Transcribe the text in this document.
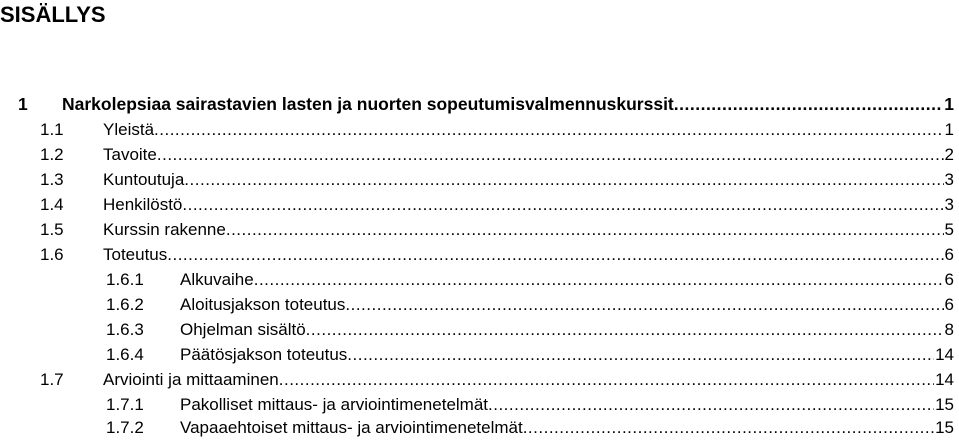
SISÄLLYS
1 Narkolepsiaa sairastavien lasten ja nuorten sopeutumisvalmennuskurssit .....	1
1.1 Yleistä .....	1
1.2 Tavoite .....	2
1.3 Kuntoutuja .....	3
1.4 Henkilöstö .....	3
1.5 Kurssin rakenne .....	5
1.6 Toteutus .....	6
1.6.1 Alkuvaihe .....	6
1.6.2 Aloitusjakson toteutus .....	6
1.6.3 Ohjelman sisältö .....	8
1.6.4 Päätösjakson toteutus .....	14
1.7 Arviointi ja mittaaminen .....	14
1.7.1 Pakolliset mittaus- ja arviointimenetelmät .....	15
1.7.2 Vapaaehtoiset mittaus- ja arviointimenetelmät .....	15
